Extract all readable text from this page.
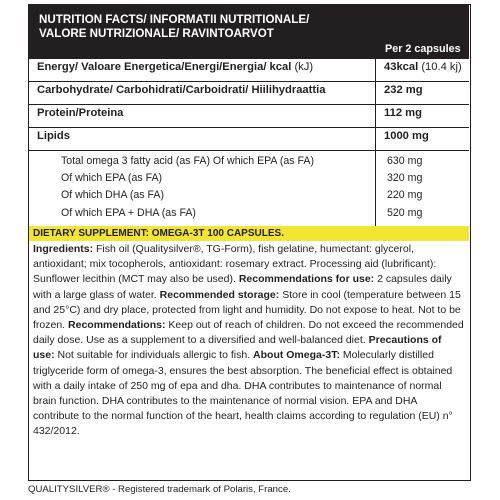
NUTRITION FACTS/ INFORMATII NUTRITIONALE/
VALORE NUTRIZIONALE/ RAVINTOARVOT
Per 2 capsules
Energy/ Valoare Energetica/Energi/Energia/ kcal (kJ)	43kcal (10.4 kj)
Carbohydrate/ Carbohidrati/Carboidrati/ Hiilihydraattia	232 mg
Protein/Proteina	112 mg
Lipids	1000 mg
Total omega 3 fatty acid (as FA) Of which EPA (as FA)	630 mg
Of which EPA (as FA)	320 mg
Of which DHA (as FA)	220 mg
Of which EPA + DHA (as FA)	520 mg
DIETARY SUPPLEMENT: OMEGA-3T 100 CAPSULES.

Ingredients: Fish oil (Qualitysilver®, TG-Form), fish gelatine, humectant: glycerol, antioxidant; mix tocopherols, antioxidant: rosemary extract. Processing aid (lubrificant): Sunflower lecithin (MCT may also be used). Recommendations for use: 2 capsules daily with a large glass of water. Recommended storage: Store in cool (temperature between 15 and 25°C) and dry place, protected from light and humidity. Do not expose to heat. Not to be frozen. Recommendations: Keep out of reach of children. Do not exceed the recommended daily dose. Use as a supplement to a diversified and well-balanced diet. Precautions of use: Not suitable for individuals allergic to fish. About Omega-3T: Molecularly distilled triglyceride form of omega-3, ensures the best absorption. The beneficial effect is obtained with a daily intake of 250 mg of epa and dha. DHA contributes to maintenance of normal brain function. DHA contributes to the maintenance of normal vision. EPA and DHA contribute to the normal function of the heart, health claims according to regulation (EU) n° 432/2012.

QUALITYSILVER® - Registered trademark of Polaris, France.
